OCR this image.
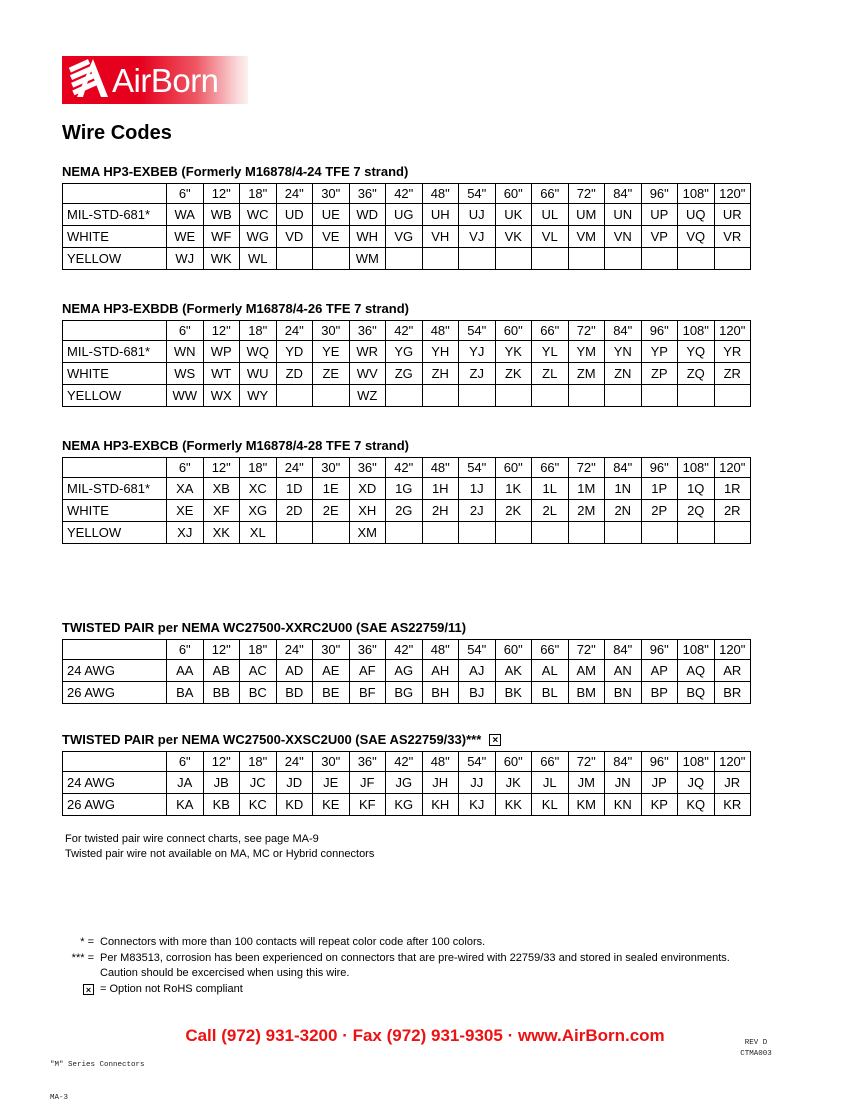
AirBorn
Wire Codes
NEMA HP3-EXBEB (Formerly M16878/4-24 TFE 7 strand)
	6"	12"	18"	24"	30"	36"	42"	48"	54"	60"	66"	72"	84"	96"	108"	120"
MIL-STD-681*	WA	WB	WC	UD	UE	WD	UG	UH	UJ	UK	UL	UM	UN	UP	UQ	UR
WHITE	WE	WF	WG	VD	VE	WH	VG	VH	VJ	VK	VL	VM	VN	VP	VQ	VR
YELLOW	WJ	WK	WL			WM										
NEMA HP3-EXBDB (Formerly M16878/4-26 TFE 7 strand)
	6"	12"	18"	24"	30"	36"	42"	48"	54"	60"	66"	72"	84"	96"	108"	120"
MIL-STD-681*	WN	WP	WQ	YD	YE	WR	YG	YH	YJ	YK	YL	YM	YN	YP	YQ	YR
WHITE	WS	WT	WU	ZD	ZE	WV	ZG	ZH	ZJ	ZK	ZL	ZM	ZN	ZP	ZQ	ZR
YELLOW	WW	WX	WY			WZ										
NEMA HP3-EXBCB (Formerly M16878/4-28 TFE 7 strand)
	6"	12"	18"	24"	30"	36"	42"	48"	54"	60"	66"	72"	84"	96"	108"	120"
MIL-STD-681*	XA	XB	XC	1D	1E	XD	1G	1H	1J	1K	1L	1M	1N	1P	1Q	1R
WHITE	XE	XF	XG	2D	2E	XH	2G	2H	2J	2K	2L	2M	2N	2P	2Q	2R
YELLOW	XJ	XK	XL			XM										
TWISTED PAIR per NEMA WC27500-XXRC2U00 (SAE AS22759/11)
	6"	12"	18"	24"	30"	36"	42"	48"	54"	60"	66"	72"	84"	96"	108"	120"
24 AWG	AA	AB	AC	AD	AE	AF	AG	AH	AJ	AK	AL	AM	AN	AP	AQ	AR
26 AWG	BA	BB	BC	BD	BE	BF	BG	BH	BJ	BK	BL	BM	BN	BP	BQ	BR
TWISTED PAIR per NEMA WC27500-XXSC2U00 (SAE AS22759/33)***
×
	6"	12"	18"	24"	30"	36"	42"	48"	54"	60"	66"	72"	84"	96"	108"	120"
24 AWG	JA	JB	JC	JD	JE	JF	JG	JH	JJ	JK	JL	JM	JN	JP	JQ	JR
26 AWG	KA	KB	KC	KD	KE	KF	KG	KH	KJ	KK	KL	KM	KN	KP	KQ	KR
For twisted pair wire connect charts, see page MA-9
Twisted pair wire not available on MA, MC or Hybrid connectors
* = Connectors with more than 100 contacts will repeat color code after 100 colors.
*** = Per M83513, corrosion has been experienced on connectors that are pre-wired with 22759/33 and stored in sealed environments.
Caution should be excercised when using this wire.
×
= Option not RoHS compliant
Call (972) 931-3200 · Fax (972) 931-9305 · www.AirBorn.com

"M" Series Connectors

MA-3

REV D
CTMA003
